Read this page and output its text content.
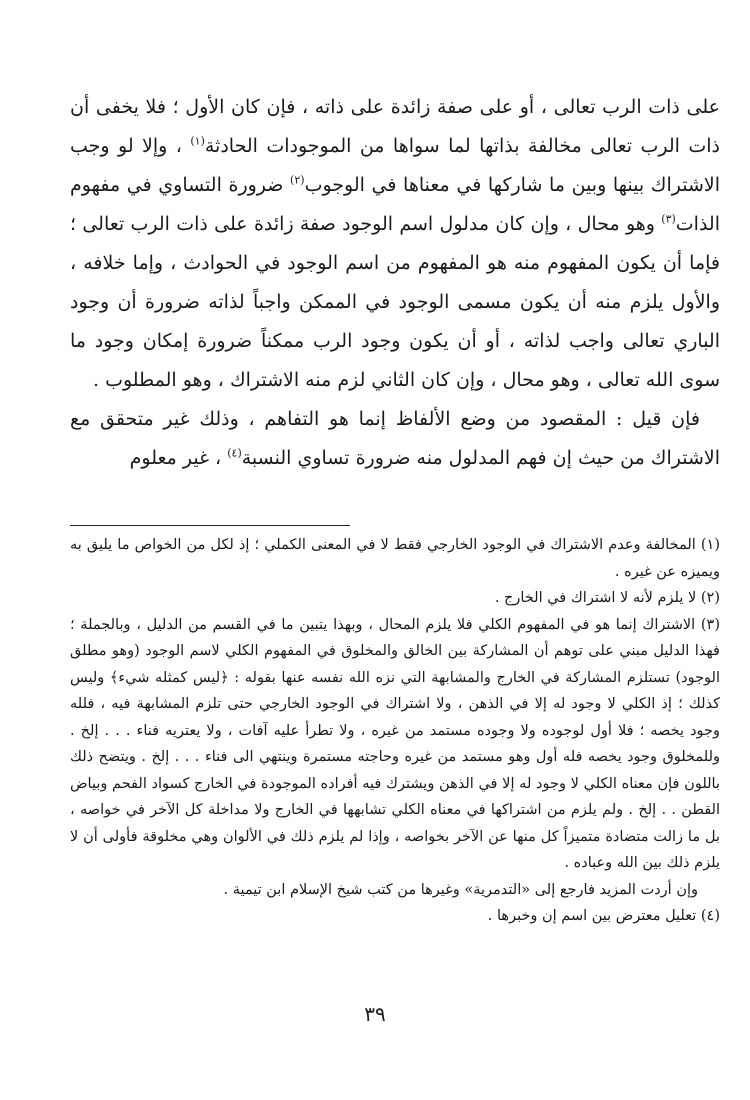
على ذات الرب تعالى ، أو على صفة زائدة على ذاته ، فإن كان الأول ؛ فلا يخفى أن ذات الرب تعالى مخالفة بذاتها لما سواها من الموجودات الحادثة$^{(١)}$ ، وإلا لو وجب الاشتراك بينها وبين ما شاركها في معناها في الوجوب$^{(٢)}$ ضرورة التساوي في مفهوم الذات$^{(٣)}$ وهو محال ، وإن كان مدلول اسم الوجود صفة زائدة على ذات الرب تعالى ؛ فإما أن يكون المفهوم منه هو المفهوم من اسم الوجود في الحوادث ، وإما خلافه ، والأول يلزم منه أن يكون مسمى الوجود في الممكن واجباً لذاته ضرورة أن وجود الباري تعالى واجب لذاته ، أو أن يكون وجود الرب ممكناً ضرورة إمكان وجود ما سوى الله تعالى ، وهو محال ، وإن كان الثاني لزم منه الاشتراك ، وهو المطلوب .

فإن قيل : المقصود من وضع الألفاظ إنما هو التفاهم ، وذلك غير متحقق مع الاشتراك من حيث إن فهم المدلول منه ضرورة تساوي النسبة$^{(٤)}$ ، غير معلوم

(١) المخالفة وعدم الاشتراك في الوجود الخارجي فقط لا في المعنى الكملي ؛ إذ لكل من الخواص ما يليق به ويميزه عن غيره .

(٢) لا يلزم لأنه لا اشتراك في الخارج .

(٣) الاشتراك إنما هو في المفهوم الكلي فلا يلزم المحال ، وبهذا يتبين ما في القسم من الدليل ، وبالجملة ؛ فهذا الدليل مبني على توهم أن المشاركة بين الخالق والمخلوق في المفهوم الكلي لاسم الوجود (وهو مطلق الوجود) تستلزم المشاركة في الخارج والمشابهة التي نزه الله نفسه عنها بقوله : ﴿ليس كمثله شيء﴾ وليس كذلك ؛ إذ الكلي لا وجود له إلا في الذهن ، ولا اشتراك في الوجود الخارجي حتى تلزم المشابهة فيه ، فلله وجود يخصه ؛ فلا أول لوجوده ولا وجوده مستمد من غيره ، ولا تطرأ عليه آفات ، ولا يعتريه فناء . . . إلخ . وللمخلوق وجود يخصه فله أول وهو مستمد من غيره وحاجته مستمرة وينتهي الى فناء . . . إلخ . ويتضح ذلك باللون فإن معناه الكلي لا وجود له إلا في الذهن ويشترك فيه أفراده الموجودة في الخارج كسواد الفحم وبياض القطن . . إلخ . ولم يلزم من اشتراكها في معناه الكلي تشابهها في الخارج ولا مداخلة كل الآخر في خواصه ، بل ما زالت متضادة متميزاً كل منها عن الآخر بخواصه ، وإذا لم يلزم ذلك في الألوان وهي مخلوقة فأولى أن لا يلزم ذلك بين الله وعباده .

وإن أردت المزيد فارجع إلى «التدمرية» وغيرها من كتب شيخ الإسلام ابن تيمية .

(٤) تعليل معترض بين اسم إن وخبرها .

٣٩
